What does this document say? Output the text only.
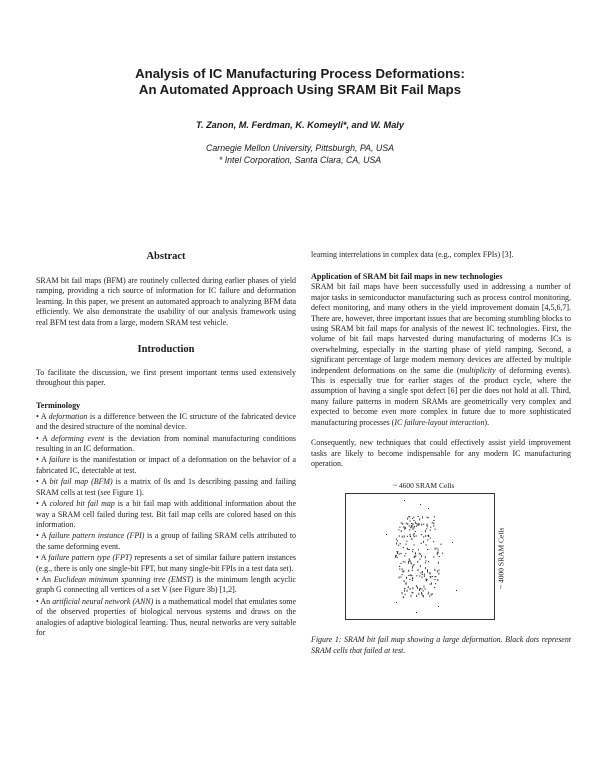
Analysis of IC Manufacturing Process Deformations:
An Automated Approach Using SRAM Bit Fail Maps
T. Zanon, M. Ferdman, K. Komeyli*, and W. Maly
Carnegie Mellon University, Pittsburgh, PA, USA
* Intel Corporation, Santa Clara, CA, USA
Abstract
SRAM bit fail maps (BFM) are routinely collected during earlier phases of yield ramping, providing a rich source of information for IC failure and deformation learning. In this paper, we present an automated approach to analyzing BFM data efficiently. We also demonstrate the usability of our analysis framework using real BFM test data from a large, modern SRAM test vehicle.
Introduction
To facilitate the discussion, we first present important terms used extensively throughout this paper.
Terminology
• A deformation is a difference between the IC structure of the fabricated device and the desired structure of the nominal device.
• A deforming event is the deviation from nominal manufacturing conditions resulting in an IC deformation.
• A failure is the manifestation or impact of a deformation on the behavior of a fabricated IC, detectable at test.
• A bit fail map (BFM) is a matrix of 0s and 1s describing passing and failing SRAM cells at test (see Figure 1).
• A colored bit fail map is a bit fail map with additional information about the way a SRAM cell failed during test. Bit fail map cells are colored based on this information.
• A failure pattern instance (FPI) is a group of failing SRAM cells attributed to the same deforming event.
• A failure pattern type (FPT) represents a set of similar failure pattern instances (e.g., there is only one single-bit FPT, but many single-bit FPIs in a test data set).
• An Euclidean minimum spanning tree (EMST) is the minimum length acyclic graph G connecting all vertices of a set V (see Figure 3b) [1,2].
• An artificial neural network (ANN) is a mathematical model that emulates some of the observed properties of biological nervous systems and draws on the analogies of adaptive biological learning. Thus, neural networks are very suitable for
learning interrelations in complex data (e.g., complex FPIs) [3].
Application of SRAM bit fail maps in new technologies
SRAM bit fail maps have been successfully used in addressing a number of major tasks in semiconductor manufacturing such as process control monitoring, defect monitoring, and many others in the yield improvement domain [4,5,6,7]. There are, however, three important issues that are becoming stumbling blocks to using SRAM bit fail maps for analysis of the newest IC technologies. First, the volume of bit fail maps harvested during manufacturing of moderns ICs is overwhelming, especially in the starting phase of yield ramping. Second, a significant percentage of large modern memory devices are affected by multiple independent deformations on the same die (multiplicity of deforming events). This is especially true for earlier stages of the product cycle, where the assumption of having a single spot defect [6] per die does not hold at all. Third, many failure patterns in modern SRAMs are geometrically very complex and expected to become even more complex in future due to more sophisticated manufacturing processes (IC failure-layout interaction).
Consequently, new techniques that could effectively assist yield improvement tasks are likely to become indispensable for any modern IC manufacturing operation.
~ 4600 SRAM Cells
~ 4000 SRAM Cells
Figure 1: SRAM bit fail map showing a large deformation. Black dots represent SRAM cells that failed at test.
